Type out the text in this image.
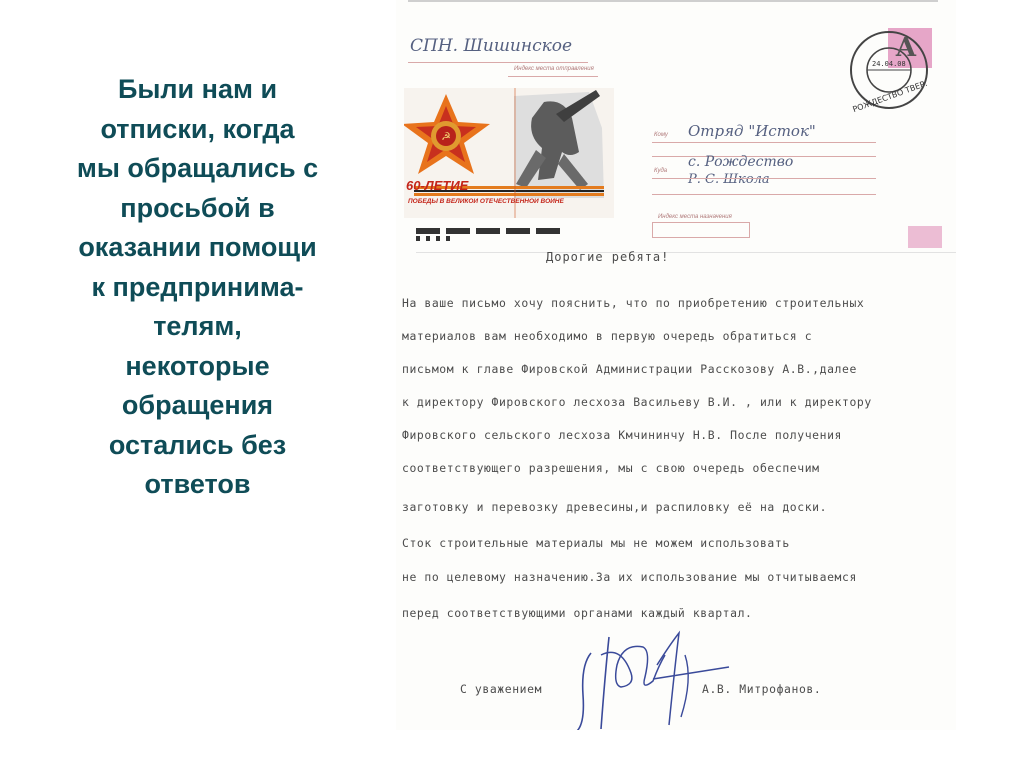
Были нам и
отписки, когда
мы обращались с
просьбой в
оказании помощи
к предпринима-
телям,
некоторые
обращения
остались без
ответов
СПН. Шишинское
Индекс места отправления
☭
60-ЛЕТИЕ
ПОБЕДЫ В ВЕЛИКОЙ ОТЕЧЕСТВЕННОЙ ВОЙНЕ
А
24.04.08
РОЖДЕСТВО ТВЕР.
Кому Отряд "Исток"
Куда
с. Рождество
Р. С. Школа
Индекс места назначения
Дорогие ребята!
На ваше письмо хочу пояснить, что по приобретению строительных
материалов вам необходимо в первую очередь обратиться с
письмом к главе Фировской Администрации Расскозову А.В.,далее
к директору Фировского лесхоза Васильеву В.И. , или к директору
Фировского сельского лесхоза Кмчининчу Н.В. После получения
соответствующего разрешения, мы с свою очередь обеспечим
заготовку и перевозку древесины,и распиловку её на доски.
Сток строительные материалы мы не можем использовать
не по целевому назначению.За их использование мы отчитываемся
перед соответствующими органами каждый квартал.
С уважением	А.В. Митрофанов.
